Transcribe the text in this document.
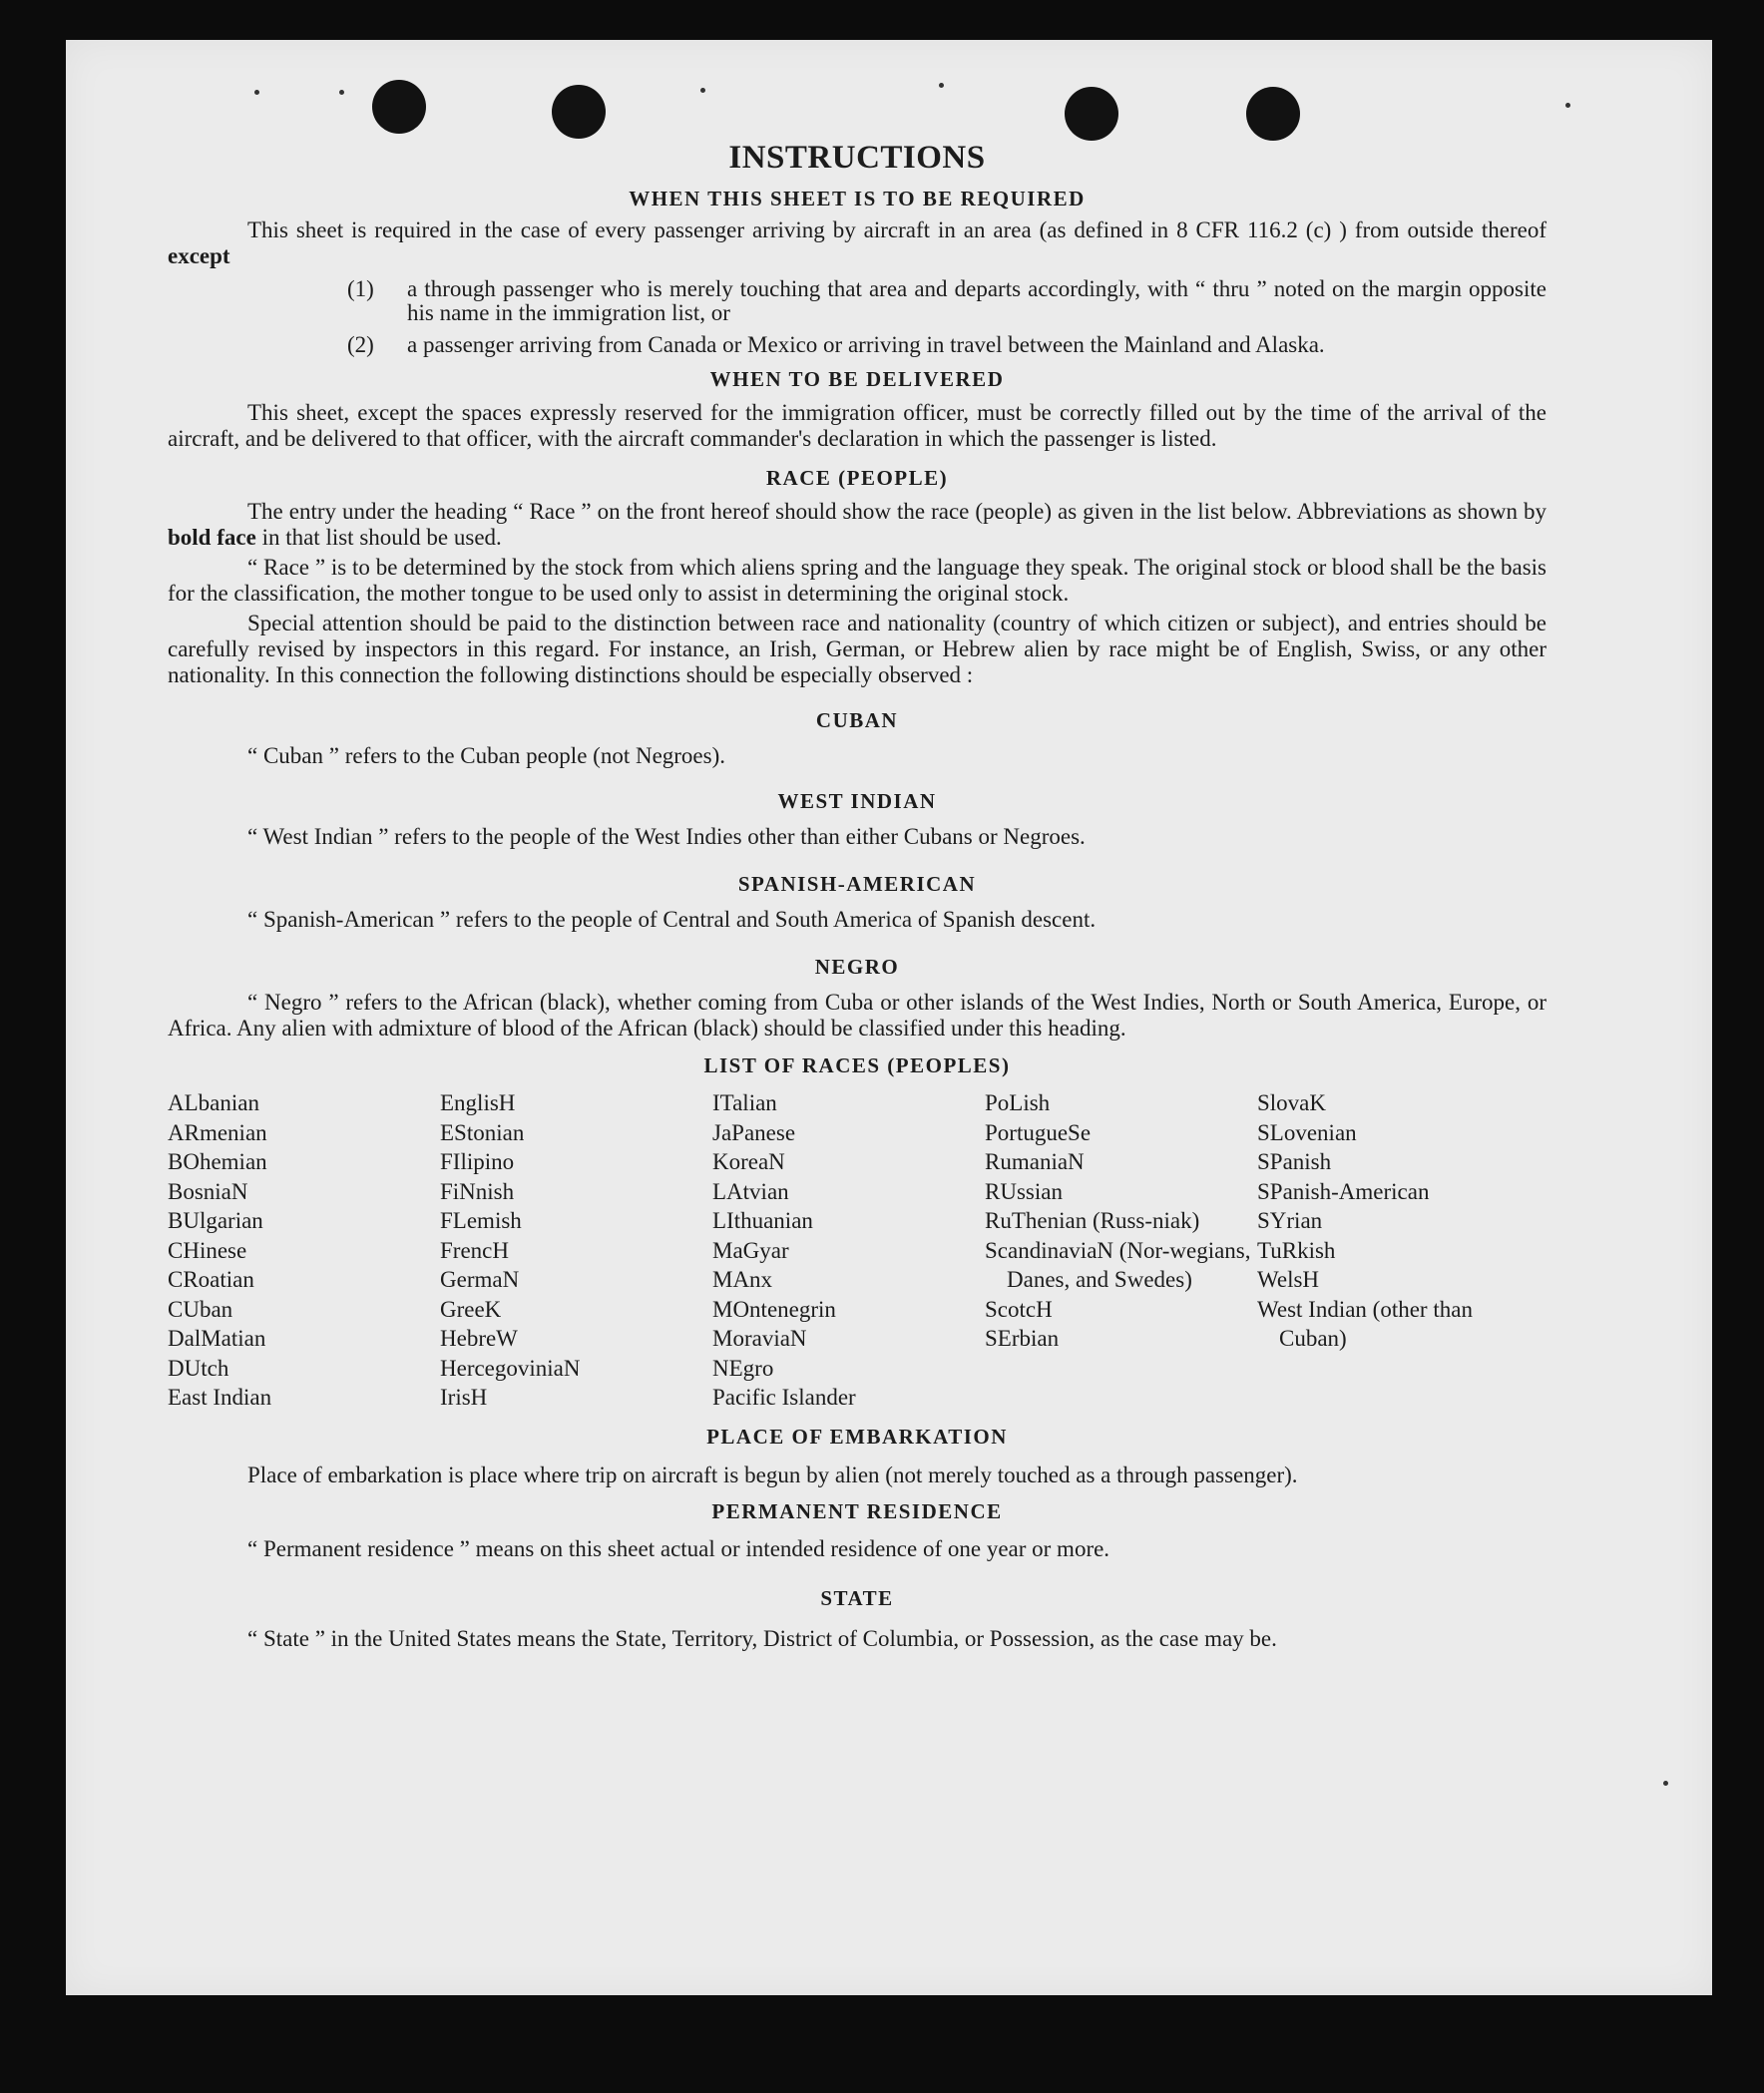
INSTRUCTIONS
WHEN THIS SHEET IS TO BE REQUIRED

This sheet is required in the case of every passenger arriving by aircraft in an area (as defined in 8 CFR 116.2 (c) ) from outside thereof except

(1) a through passenger who is merely touching that area and departs accordingly, with “ thru ” noted on the margin opposite his name in the immigration list, or

(2) a passenger arriving from Canada or Mexico or arriving in travel between the Mainland and Alaska.

WHEN TO BE DELIVERED

This sheet, except the spaces expressly reserved for the immigration officer, must be correctly filled out by the time of the arrival of the aircraft, and be delivered to that officer, with the aircraft commander's declaration in which the passenger is listed.

RACE (PEOPLE)

The entry under the heading “ Race ” on the front hereof should show the race (people) as given in the list below. Abbreviations as shown by bold face in that list should be used.

“ Race ” is to be determined by the stock from which aliens spring and the language they speak. The original stock or blood shall be the basis for the classification, the mother tongue to be used only to assist in determining the original stock.

Special attention should be paid to the distinction between race and nationality (country of which citizen or subject), and entries should be carefully revised by inspectors in this regard. For instance, an Irish, German, or Hebrew alien by race might be of English, Swiss, or any other nationality. In this connection the following distinctions should be especially observed :

CUBAN

“ Cuban ” refers to the Cuban people (not Negroes).

WEST INDIAN

“ West Indian ” refers to the people of the West Indies other than either Cubans or Negroes.

SPANISH-AMERICAN

“ Spanish-American ” refers to the people of Central and South America of Spanish descent.

NEGRO

“ Negro ” refers to the African (black), whether coming from Cuba or other islands of the West Indies, North or South America, Europe, or Africa. Any alien with admixture of blood of the African (black) should be classified under this heading.

LIST OF RACES (PEOPLES)
ALbanian
ARmenian
BOhemian
BosniaN
BUlgarian
CHinese
CRoatian
CUban
DalMatian
DUtch
East Indian
EnglisH
EStonian
FIlipino
FiNnish
FLemish
FrencH
GermaN
GreeK
HebreW
HercegoviniaN
IrisH
ITalian
JaPanese
KoreaN
LAtvian
LIthuanian
MaGyar
MAnx
MOntenegrin
MoraviaN
NEgro
Pacific Islander
PoLish
PortugueSe
RumaniaN
RUssian
RuThenian (Russ-niak)
ScandinaviaN (Nor-wegians, Danes, and Swedes)
ScotcH
SErbian
SlovaK
SLovenian
SPanish
SPanish-American
SYrian
TuRkish
WelsH
West Indian (other than Cuban)
PLACE OF EMBARKATION

Place of embarkation is place where trip on aircraft is begun by alien (not merely touched as a through passenger).

PERMANENT RESIDENCE

“ Permanent residence ” means on this sheet actual or intended residence of one year or more.

STATE

“ State ” in the United States means the State, Territory, District of Columbia, or Possession, as the case may be.
